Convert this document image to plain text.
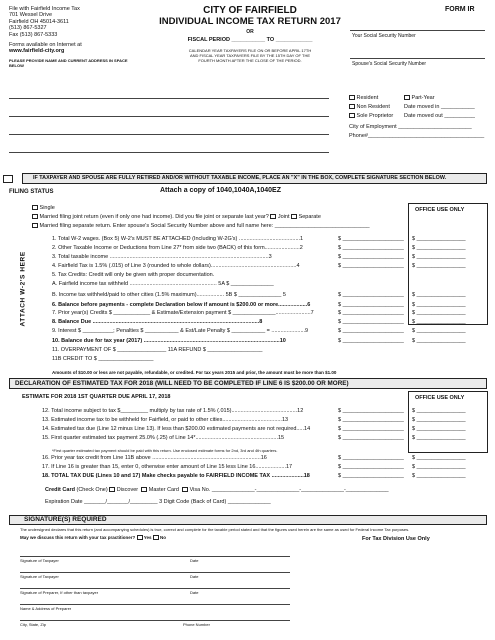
File with Fairfield Income Tax
701 Wessel Drive
Fairfield OH 45014-3611
(513) 867-5327
Fax (513) 867-5333
Forms available on Internet at
www.fairfield-city.org
PLEASE PROVIDE NAME AND CURRENT ADDRESS IN SPACE BELOW
CITY OF FAIRFIELD
INDIVIDUAL INCOME TAX RETURN 2017
OR
FISCAL PERIOD ___________ TO ____________
CALENDAR YEAR TAXPAYERS FILE ON OR BEFORE APRIL 17TH
AND FISCAL YEAR TAXPAYERS FILE BY THE 15TH DAY OF THE
FOURTH MONTH AFTER THE CLOSE OF THE PERIOD.
FORM IR
Your Social Security Number
Spouse's Social Security Number
Resident
Non Resident
Sole Proprietor
Part-Year
Date moved in ___________
Date moved out __________
City of Employment ________________________
Phone#______________________________________
IF TAXPAYER AND SPOUSE ARE FULLY RETIRED AND/OR WITHOUT TAXABLE INCOME, PLACE AN "X" IN THE BOX, COMPLETE SIGNATURE SECTION BELOW.
FILING STATUS	Attach a copy of 1040,1040A,1040EZ
OFFICE USE ONLY
Single
Married filing joint return (even if only one had income). Did you file joint or separate last year? Joint Separate
Married filing separate return. Enter spouse's Social Security Number above and full name here: _______________________________
ATTACH W-2'S HERE
1. Total W-2 wages. (Box 5) W-2's MUST BE ATTACHED (Including W-2G's) ........................................1	$ ____________________ $ ________________
2. Other Taxable Income or Deductions from Line 27* from side two (BACK) of this form.......................2	$ ____________________ $ ________________
3. Total taxable income ........................................................................................................3	$ ____________________ $ ________________
4. Fairfield Tax is 1.5% (.015) of Line 3 (rounded to whole dollars)........................................................4	$ ____________________ $ ________________
5. Tax Credits: Credit will only be given with proper documentation.
A. Fairfield income tax withheld ......................................................... 5A $ ______________
B. Income tax withheld/paid to other cities (1.5% maximum).................. 5B $ ______________ 5	$ ____________________ $ ________________
6. Balance before payments - complete Declaration below if amount is $200.00 or more...................6	$ ____________________ $ ________________
7. Prior year(s) Credits $ ____________ & Estimate/Extension payment $ ______________.......................7	$ ____________________ $ ________________
8. Balance Due .............................................................................................................8	$ ____________________ $ ________________
9. Interest $ __________; Penalties $ ___________ & Est/Late Penalty $ ___________ = ......................9	$ ____________________ $ ________________
10. Balance due for tax year (2017) .........................................................................................10	$ ____________________ $ ________________
11. OVERPAYMENT OF $ ________________ 11A REFUND $ __________________
11B CREDIT TO $ __________________
Amounts of $10.00 or less are not payable, refundable, or credited. For tax years 2015 and prior, the amount must be more than $1.00
DECLARATION OF ESTIMATED TAX FOR 2018 (WILL NEED TO BE COMPLETED IF LINE 6 IS $200.00 OR MORE)
ESTIMATE FOR 2018 1ST QUARTER DUE APRIL 17, 2018	OFFICE USE ONLY
12. Total income subject to tax $_________ multiply by tax rate of 1.5% (.015)...........................................12	$ ____________________ $ ________________
13. Estimated income tax to be withheld for Fairfield, or paid to other cities.......................................13	$ ____________________ $ ________________
14. Estimated tax due (Line 12 minus Line 13). If less than $200.00 estimated payments are not required.....14	$ ____________________ $ ________________
15. First quarter estimated tax payment 25.0% (.25) of Line 14*......................................................15	$ ____________________ $ ________________
*First quarter estimated tax payment should be paid with this return. Use enclosed estimate forms for 2nd, 3rd and 4th quarters.
16. Prior year tax credit from Line 11B above .......................................................................16	$ ____________________ $ ________________
17. If Line 16 is greater than 15, enter 0, otherwise enter amount of Line 15 less Line 16....................17	$ ____________________ $ ________________
18. TOTAL TAX DUE (Lines 10 and 17) Make checks payable to FAIRFIELD INCOME TAX .....................18	$ ____________________ $ ________________
Credit Card (Check One) Discover Master Card Visa No. ______________-______________-______________-______________
Expiration Date _______/_______/_________ 3 Digit Code (Back of Card) ______________
SIGNATURE(S) REQUIRED
The undersigned declares that this return (and accompanying schedules) is true, correct and complete for the taxable period stated and that the figures used herein are the same as used for Federal Income Tax purposes.
May we discuss this return with your tax practitioner? Yes No	For Tax Division Use Only
Signature of Taxpayer	Date
Signature of Taxpayer	Date
Signature of Preparer, If other than taxpayer	Date
Name & Address of Preparer
City, State, Zip	Phone Number
